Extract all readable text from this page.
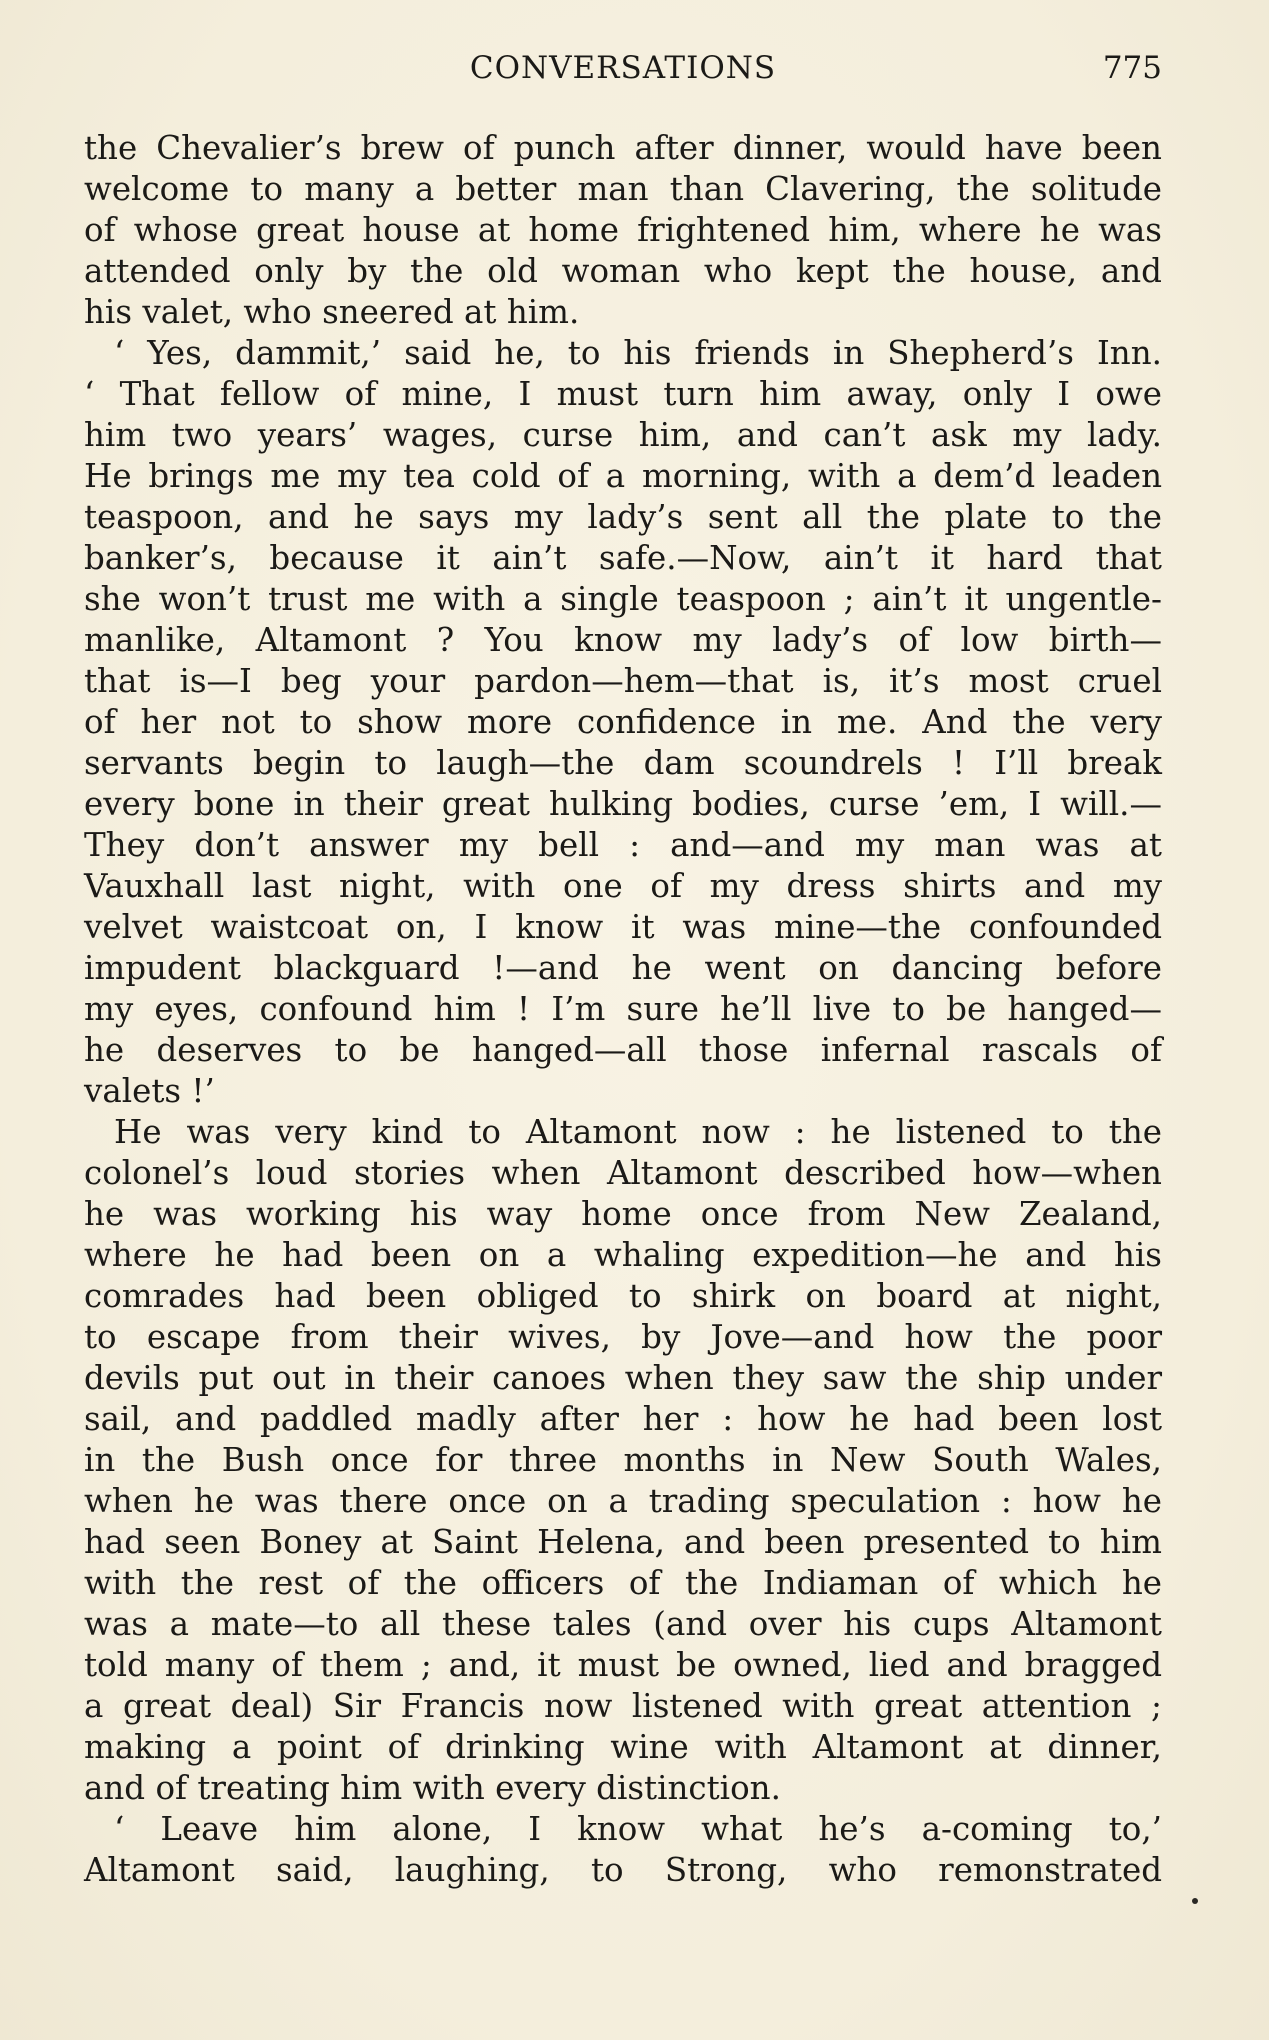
CONVERSATIONS	775
the Chevalier’s brew of punch after dinner, would have been
welcome to many a better man than Clavering, the solitude
of whose great house at home frightened him, where he was
attended only by the old woman who kept the house, and
his valet, who sneered at him.
‘ Yes, dammit,’ said he, to his friends in Shepherd’s Inn.
‘ That fellow of mine, I must turn him away, only I owe
him two years’ wages, curse him, and can’t ask my lady.
He brings me my tea cold of a morning, with a dem’d leaden
teaspoon, and he says my lady’s sent all the plate to the
banker’s, because it ain’t safe.—Now, ain’t it hard that
she won’t trust me with a single teaspoon ; ain’t it ungentle-
manlike, Altamont ? You know my lady’s of low birth—
that is—I beg your pardon—hem—that is, it’s most cruel
of her not to show more confidence in me. And the very
servants begin to laugh—the dam scoundrels ! I’ll break
every bone in their great hulking bodies, curse ’em, I will.—
They don’t answer my bell : and—and my man was at
Vauxhall last night, with one of my dress shirts and my
velvet waistcoat on, I know it was mine—the confounded
impudent blackguard !—and he went on dancing before
my eyes, confound him ! I’m sure he’ll live to be hanged—
he deserves to be hanged—all those infernal rascals of
valets !’
He was very kind to Altamont now : he listened to the
colonel’s loud stories when Altamont described how—when
he was working his way home once from New Zealand,
where he had been on a whaling expedition—he and his
comrades had been obliged to shirk on board at night,
to escape from their wives, by Jove—and how the poor
devils put out in their canoes when they saw the ship under
sail, and paddled madly after her : how he had been lost
in the Bush once for three months in New South Wales,
when he was there once on a trading speculation : how he
had seen Boney at Saint Helena, and been presented to him
with the rest of the officers of the Indiaman of which he
was a mate—to all these tales (and over his cups Altamont
told many of them ; and, it must be owned, lied and bragged
a great deal) Sir Francis now listened with great attention ;
making a point of drinking wine with Altamont at dinner,
and of treating him with every distinction.
‘ Leave him alone, I know what he’s a-coming to,’
Altamont said, laughing, to Strong, who remonstrated
